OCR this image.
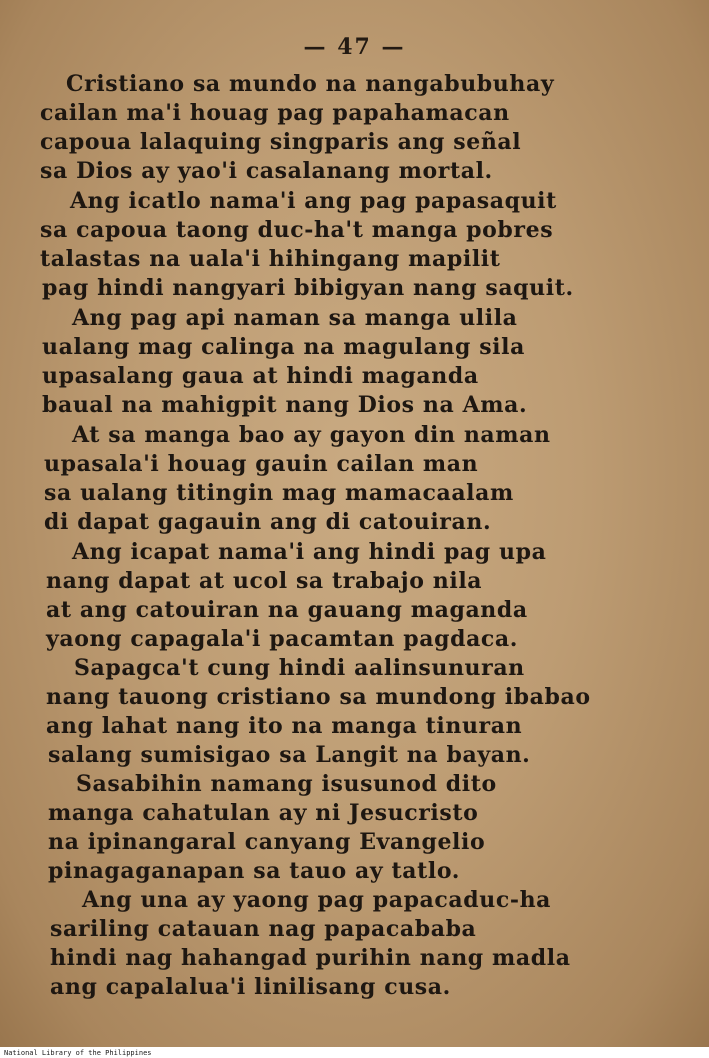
— 47 —
Cristiano sa mundo na nangabubuhay
cailan ma'i houag pag papahamacan
capoua lalaquing singparis ang señal
sa Dios ay yao'i casalanang mortal.
Ang icatlo nama'i ang pag papasaquit
sa capoua taong duc-ha't manga pobres
talastas na uala'i hihingang mapilit
pag hindi nangyari bibigyan nang saquit.
Ang pag api naman sa manga ulila
ualang mag calinga na magulang sila
upasalang gaua at hindi maganda
baual na mahigpit nang Dios na Ama.
At sa manga bao ay gayon din naman
upasala'i houag gauin cailan man
sa ualang titingin mag mamacaalam
di dapat gagauin ang di catouiran.
Ang icapat nama'i ang hindi pag upa
nang dapat at ucol sa trabajo nila
at ang catouiran na gauang maganda
yaong capagala'i pacamtan pagdaca.
Sapagca't cung hindi aalinsunuran
nang tauong cristiano sa mundong ibabao
ang lahat nang ito na manga tinuran
salang sumisigao sa Langit na bayan.
Sasabihin namang isusunod dito
manga cahatulan ay ni Jesucristo
na ipinangaral canyang Evangelio
pinagaganapan sa tauo ay tatlo.
Ang una ay yaong pag papacaduc-ha
sariling catauan nag papacababa
hindi nag hahangad purihin nang madla
ang capalalua'i linilisang cusa.
National Library of the Philippines
